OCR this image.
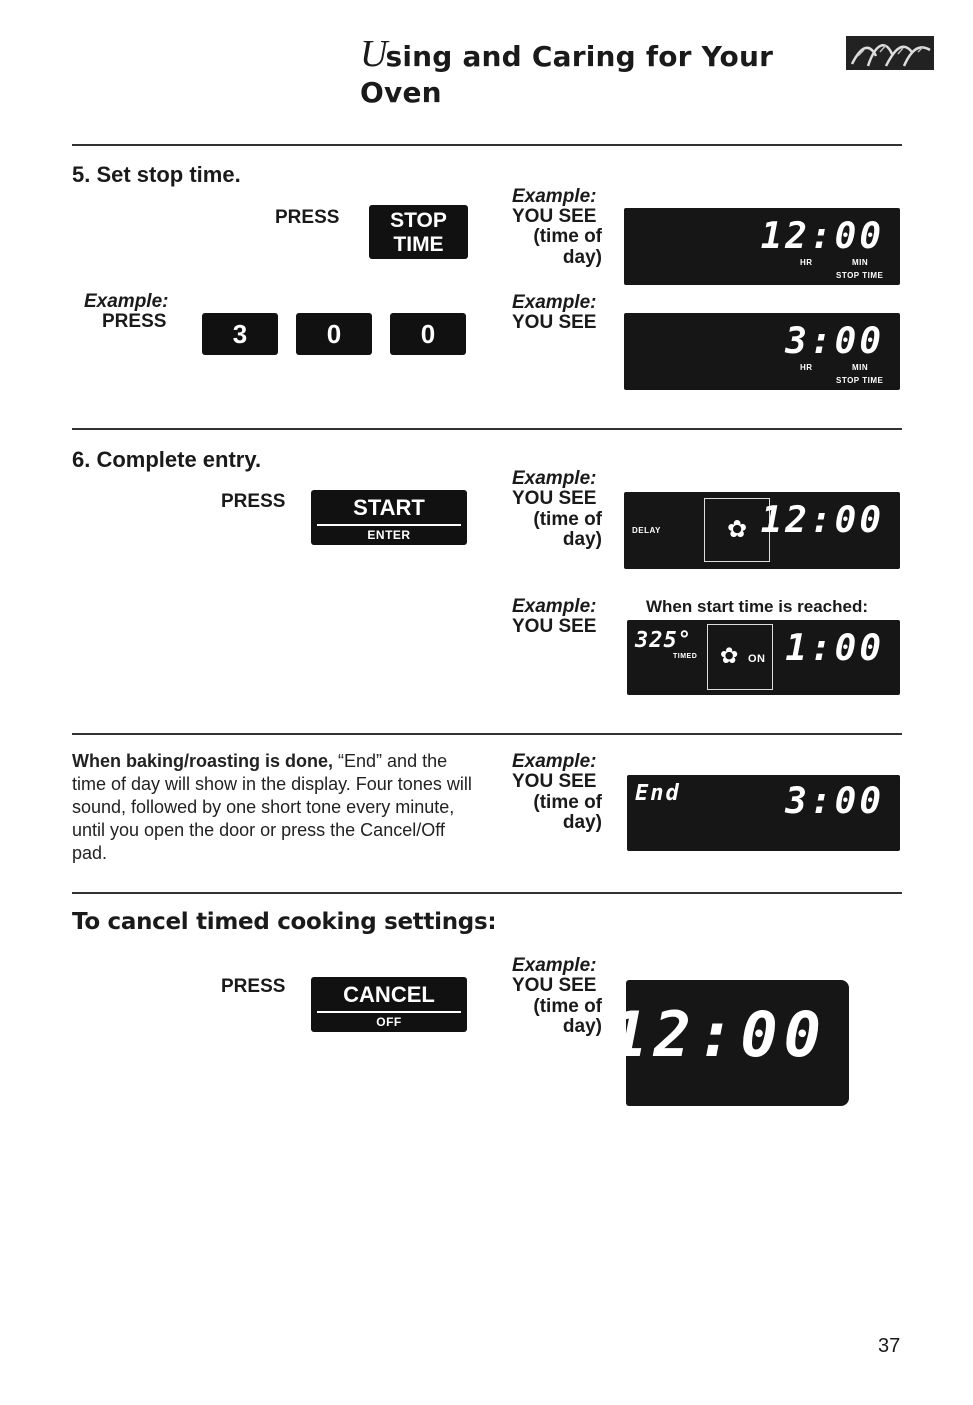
Using and Caring for Your Oven
5. Set stop time.
PRESS	STOP
TIME
Example:
PRESS	3	0	0
Example:
YOU SEE
(time of
day)
12:00
HR	MIN
STOP TIME
Example:
YOU SEE	3:00
HR	MIN
STOP TIME
6. Complete entry.
PRESS	START
ENTER
Example:
YOU SEE
(time of
day)	DELAY	✿ 12:00
Example:
YOU SEE
When start time is reached:
325°
TIMED ✿ ON 1:00
When baking/roasting is done, “End” and the time of day will show in the display. Four tones will sound, followed by one short tone every minute, until you open the door or press the Cancel/Off pad.
Example:
YOU SEE
(time of
day)
End	3:00
To cancel timed cooking settings:
PRESS	CANCEL
OFF
Example:
YOU SEE
(time of
day) 12:00
37
